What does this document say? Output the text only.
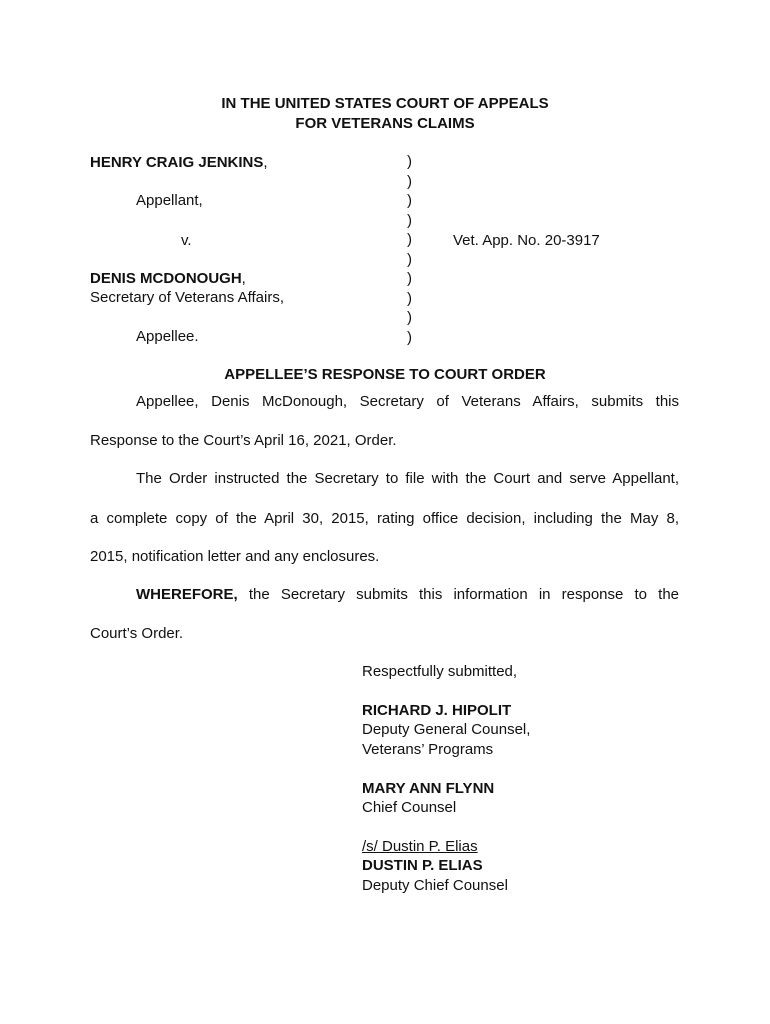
IN THE UNITED STATES COURT OF APPEALS
FOR VETERANS CLAIMS
HENRY CRAIG JENKINS,
Appellant,
v.
DENIS MCDONOUGH,
Secretary of Veterans Affairs,
Appellee.
)
)
)
)
)
)
)
)
)
)
Vet. App. No. 20-3917
APPELLEE’S RESPONSE TO COURT ORDER
Appellee, Denis McDonough, Secretary of Veterans Affairs, submits this
Response to the Court’s April 16, 2021, Order.
The Order instructed the Secretary to file with the Court and serve Appellant,
a complete copy of the April 30, 2015, rating office decision, including the May 8,
2015, notification letter and any enclosures.
WHEREFORE, the Secretary submits this information in response to the
Court’s Order.
Respectfully submitted,
RICHARD J. HIPOLIT
Deputy General Counsel,
Veterans’ Programs
MARY ANN FLYNN
Chief Counsel
/s/ Dustin P. Elias
DUSTIN P. ELIAS
Deputy Chief Counsel
